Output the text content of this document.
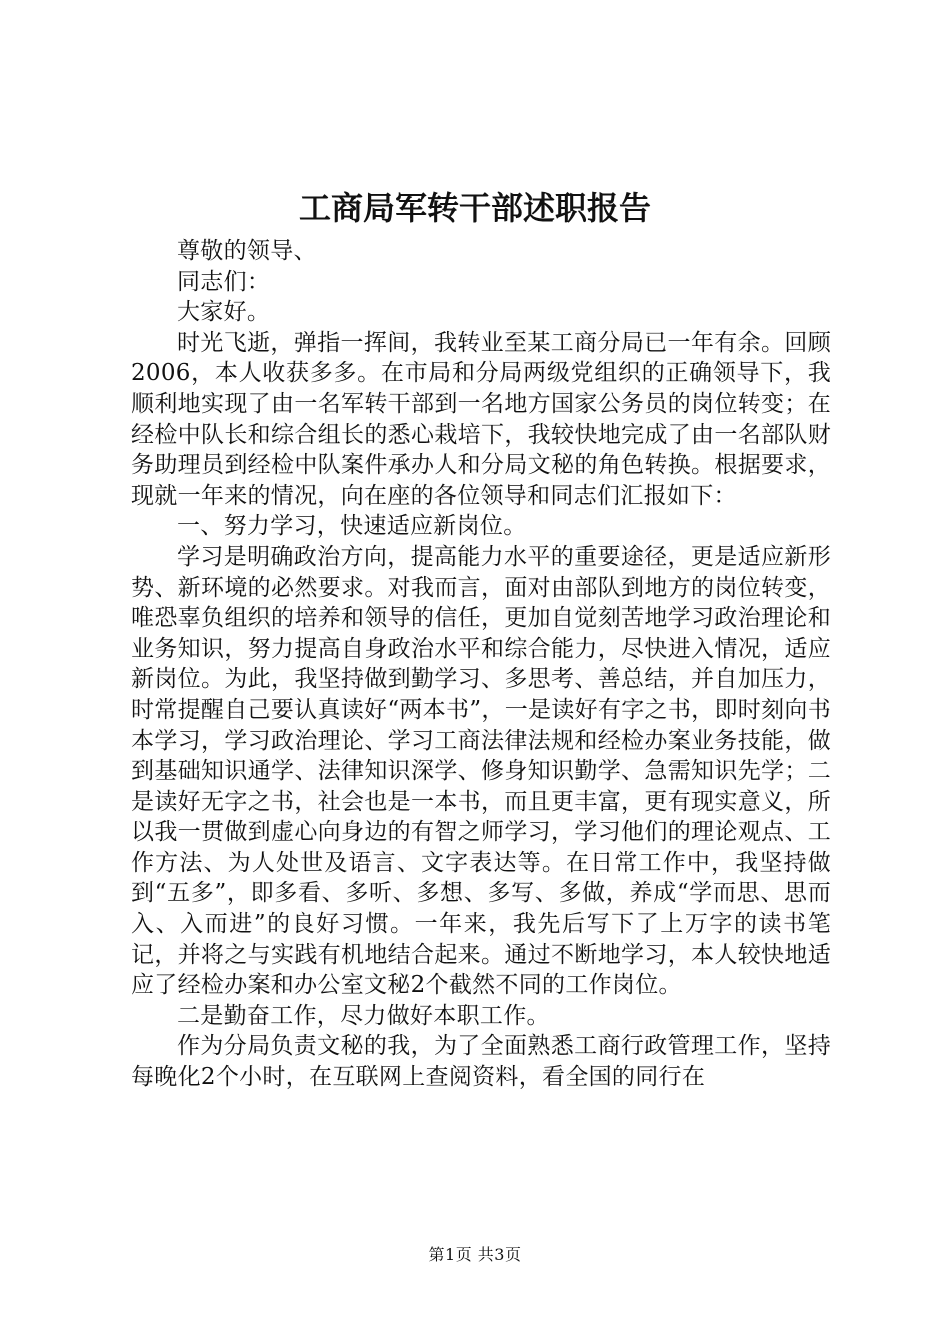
工商局军转干部述职报告

尊敬的领导、

同志们：

大家好。

时光飞逝，弹指一挥间，我转业至某工商分局已一年有余。回顾2006，本人收获多多。在市局和分局两级党组织的正确领导下，我顺利地实现了由一名军转干部到一名地方国家公务员的岗位转变；在经检中队长和综合组长的悉心栽培下，我较快地完成了由一名部队财务助理员到经检中队案件承办人和分局文秘的角色转换。根据要求，现就一年来的情况，向在座的各位领导和同志们汇报如下：

一、努力学习，快速适应新岗位。

学习是明确政治方向，提高能力水平的重要途径，更是适应新形势、新环境的必然要求。对我而言，面对由部队到地方的岗位转变，唯恐辜负组织的培养和领导的信任，更加自觉刻苦地学习政治理论和业务知识，努力提高自身政治水平和综合能力，尽快进入情况，适应新岗位。为此，我坚持做到勤学习、多思考、善总结，并自加压力，时常提醒自己要认真读好“两本书”，一是读好有字之书，即时刻向书本学习，学习政治理论、学习工商法律法规和经检办案业务技能，做到基础知识通学、法律知识深学、修身知识勤学、急需知识先学；二是读好无字之书，社会也是一本书，而且更丰富，更有现实意义，所以我一贯做到虚心向身边的有智之师学习，学习他们的理论观点、工作方法、为人处世及语言、文字表达等。在日常工作中，我坚持做到“五多”，即多看、多听、多想、多写、多做，养成“学而思、思而入、入而进”的良好习惯。一年来，我先后写下了上万字的读书笔记，并将之与实践有机地结合起来。通过不断地学习，本人较快地适应了经检办案和办公室文秘2个截然不同的工作岗位。

二是勤奋工作，尽力做好本职工作。

作为分局负责文秘的我，为了全面熟悉工商行政管理工作，坚持每晚化2个小时，在互联网上查阅资料，看全国的同行在

第1页 共3页
